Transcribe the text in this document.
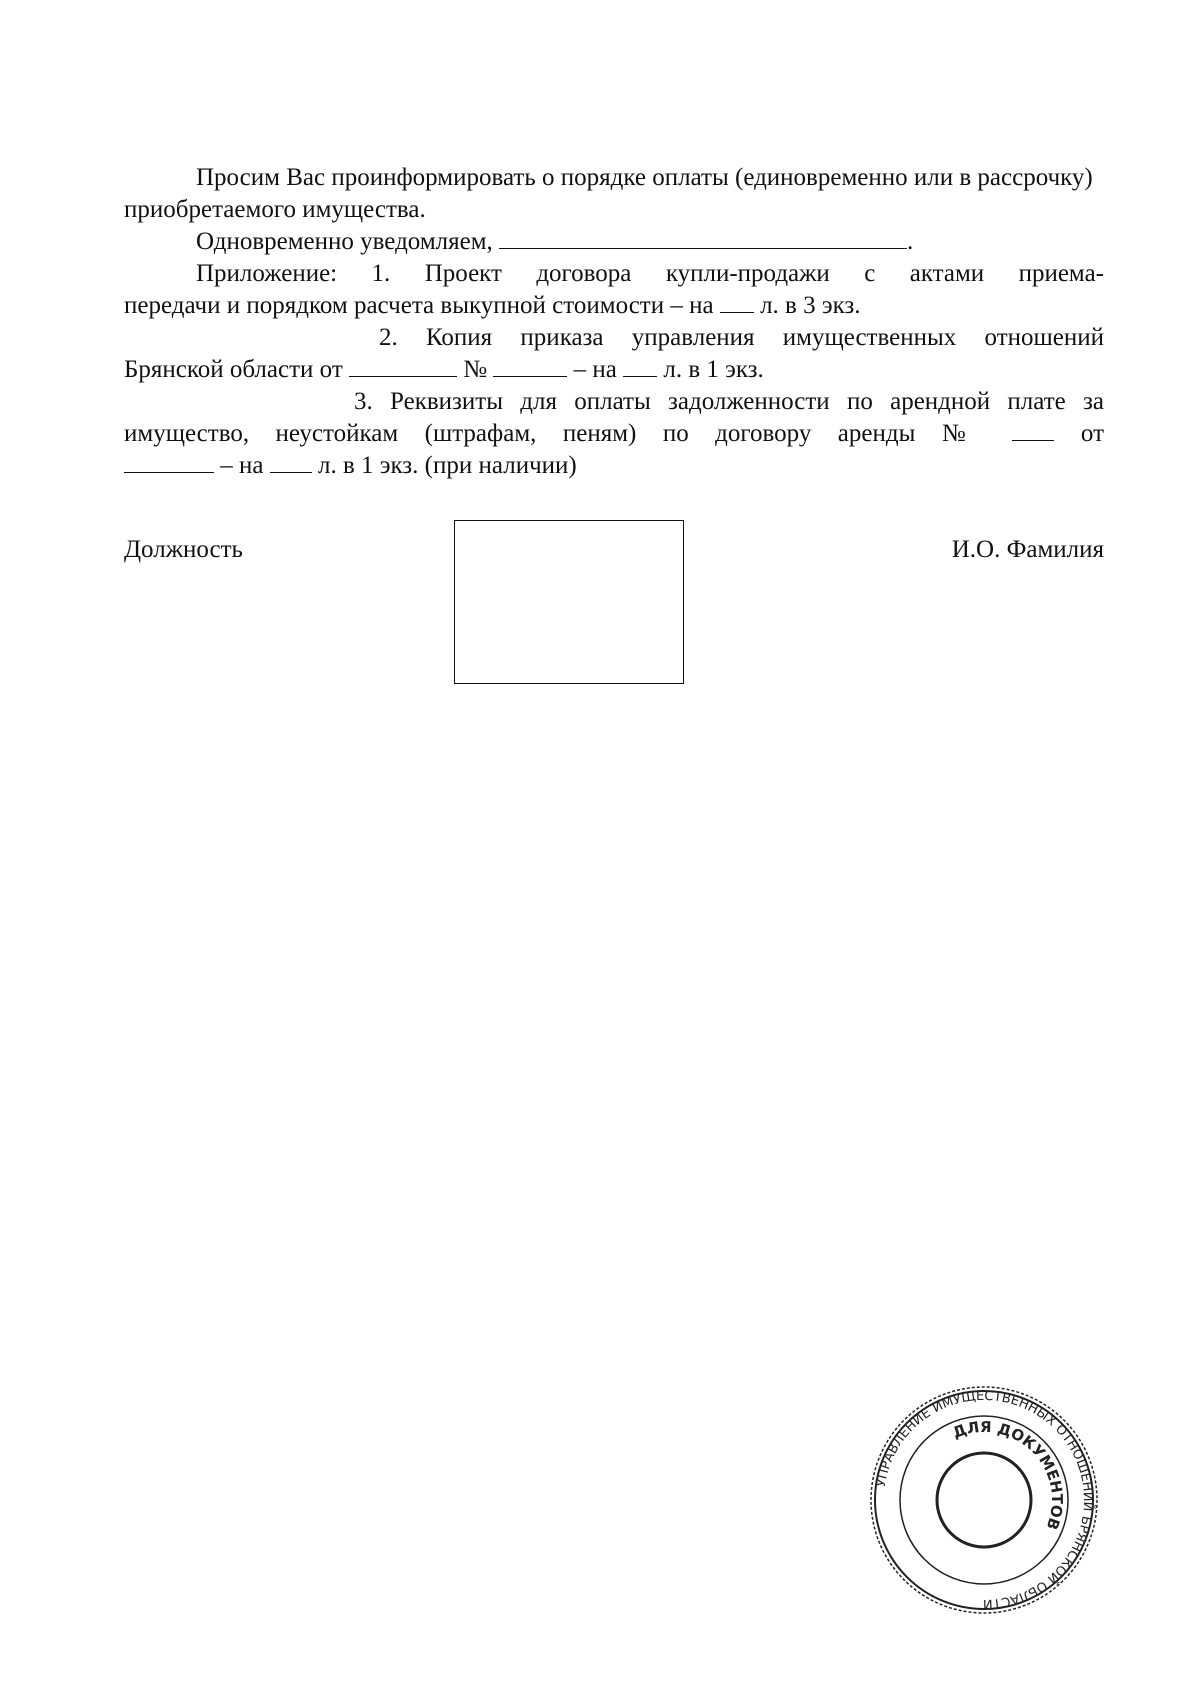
Просим Вас проинформировать о порядке оплаты (единовременно или в рассрочку) приобретаемого имущества.

Одновременно уведомляем,	.

Приложение: 1. Проект договора купли-продажи с актами приема-

передачи и порядком расчета выкупной стоимости – на л. в 3 экз.

2. Копия приказа управления имущественных отношений

Брянской области от	№	– на л. в 1 экз.

3. Реквизиты для оплаты задолженности по арендной плате за

имущество, неустойкам (штрафам, пеням) по договору аренды №	от

– на л. в 1 экз. (при наличии)

Должность	И.О. Фамилия
УПРАВЛЕНИЕ ИМУЩЕСТВЕННЫХ ОТНОШЕНИЙ БРЯНСКОЙ ОБЛАСТИ
ДЛЯ ДОКУМЕНТОВ
